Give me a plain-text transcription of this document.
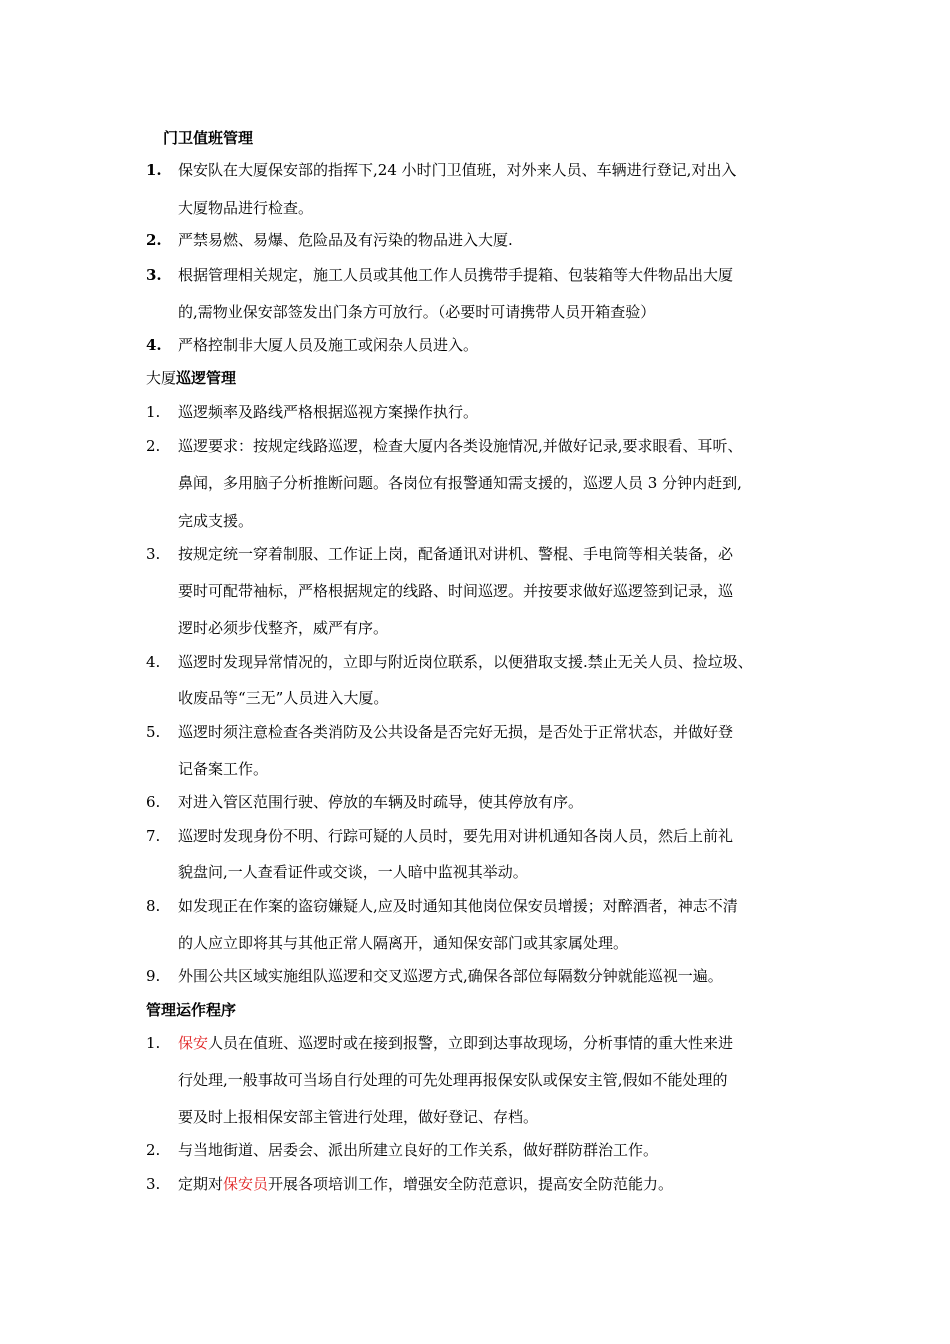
门卫值班管理
1. 保安队在大厦保安部的指挥下,24 小时门卫值班，对外来人员、车辆进行登记,对出入
大厦物品进行检查。
2. 严禁易燃、易爆、危险品及有污染的物品进入大厦.
3. 根据管理相关规定，施工人员或其他工作人员携带手提箱、包装箱等大件物品出大厦
的,需物业保安部签发出门条方可放行。（必要时可请携带人员开箱查验）
4. 严格控制非大厦人员及施工或闲杂人员进入。
大厦巡逻管理
1. 巡逻频率及路线严格根据巡视方案操作执行。
2. 巡逻要求：按规定线路巡逻，检查大厦内各类设施情况,并做好记录,要求眼看、耳听、
鼻闻，多用脑子分析推断问题。各岗位有报警通知需支援的，巡逻人员 3 分钟内赶到,
完成支援。
3. 按规定统一穿着制服、工作证上岗，配备通讯对讲机、警棍、手电筒等相关装备，必
要时可配带袖标，严格根据规定的线路、时间巡逻。并按要求做好巡逻签到记录，巡
逻时必须步伐整齐，威严有序。
4. 巡逻时发现异常情况的，立即与附近岗位联系，以便猎取支援.禁止无关人员、捡垃圾、
收废品等“三无”人员进入大厦。
5. 巡逻时须注意检查各类消防及公共设备是否完好无损，是否处于正常状态，并做好登
记备案工作。
6. 对进入管区范围行驶、停放的车辆及时疏导，使其停放有序。
7. 巡逻时发现身份不明、行踪可疑的人员时，要先用对讲机通知各岗人员，然后上前礼
貌盘问,一人查看证件或交谈，一人暗中监视其举动。
8. 如发现正在作案的盗窃嫌疑人,应及时通知其他岗位保安员增援；对醉酒者，神志不清
的人应立即将其与其他正常人隔离开，通知保安部门或其家属处理。
9. 外围公共区域实施组队巡逻和交叉巡逻方式,确保各部位每隔数分钟就能巡视一遍。
管理运作程序
1. 保安人员在值班、巡逻时或在接到报警，立即到达事故现场，分析事情的重大性来进
行处理,一般事故可当场自行处理的可先处理再报保安队或保安主管,假如不能处理的
要及时上报相保安部主管进行处理，做好登记、存档。
2. 与当地街道、居委会、派出所建立良好的工作关系，做好群防群治工作。
3. 定期对保安员开展各项培训工作，增强安全防范意识，提高安全防范能力。
